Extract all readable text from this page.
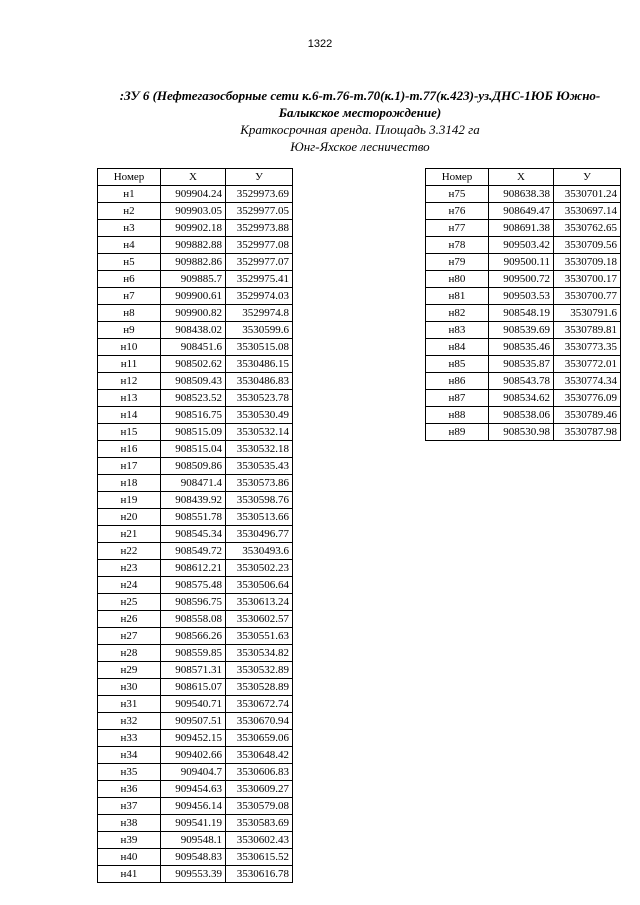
1322

:ЗУ 6 (Нефтегазосборные сети к.6-т.76-т.70(к.1)-т.77(к.423)-уз.ДНС-1ЮБ Южно-

Балыкское месторождение)

Краткосрочная аренда. Площадь 3.3142 га

Юнг-Яхское лесничество

Номер	X	У
н1	909904.24	3529973.69
н2	909903.05	3529977.05
н3	909902.18	3529973.88
н4	909882.88	3529977.08
н5	909882.86	3529977.07
н6	909885.7	3529975.41
н7	909900.61	3529974.03
н8	909900.82	3529974.8
н9	908438.02	3530599.6
н10	908451.6	3530515.08
н11	908502.62	3530486.15
н12	908509.43	3530486.83
н13	908523.52	3530523.78
н14	908516.75	3530530.49
н15	908515.09	3530532.14
н16	908515.04	3530532.18
н17	908509.86	3530535.43
н18	908471.4	3530573.86
н19	908439.92	3530598.76
н20	908551.78	3530513.66
н21	908545.34	3530496.77
н22	908549.72	3530493.6
н23	908612.21	3530502.23
н24	908575.48	3530506.64
н25	908596.75	3530613.24
н26	908558.08	3530602.57
н27	908566.26	3530551.63
н28	908559.85	3530534.82
н29	908571.31	3530532.89
н30	908615.07	3530528.89
н31	909540.71	3530672.74
н32	909507.51	3530670.94
н33	909452.15	3530659.06
н34	909402.66	3530648.42
н35	909404.7	3530606.83
н36	909454.63	3530609.27
н37	909456.14	3530579.08
н38	909541.19	3530583.69
н39	909548.1	3530602.43
н40	909548.83	3530615.52
н41	909553.39	3530616.78
Номер	X	У
н75	908638.38	3530701.24
н76	908649.47	3530697.14
н77	908691.38	3530762.65
н78	909503.42	3530709.56
н79	909500.11	3530709.18
н80	909500.72	3530700.17
н81	909503.53	3530700.77
н82	908548.19	3530791.6
н83	908539.69	3530789.81
н84	908535.46	3530773.35
н85	908535.87	3530772.01
н86	908543.78	3530774.34
н87	908534.62	3530776.09
н88	908538.06	3530789.46
н89	908530.98	3530787.98
